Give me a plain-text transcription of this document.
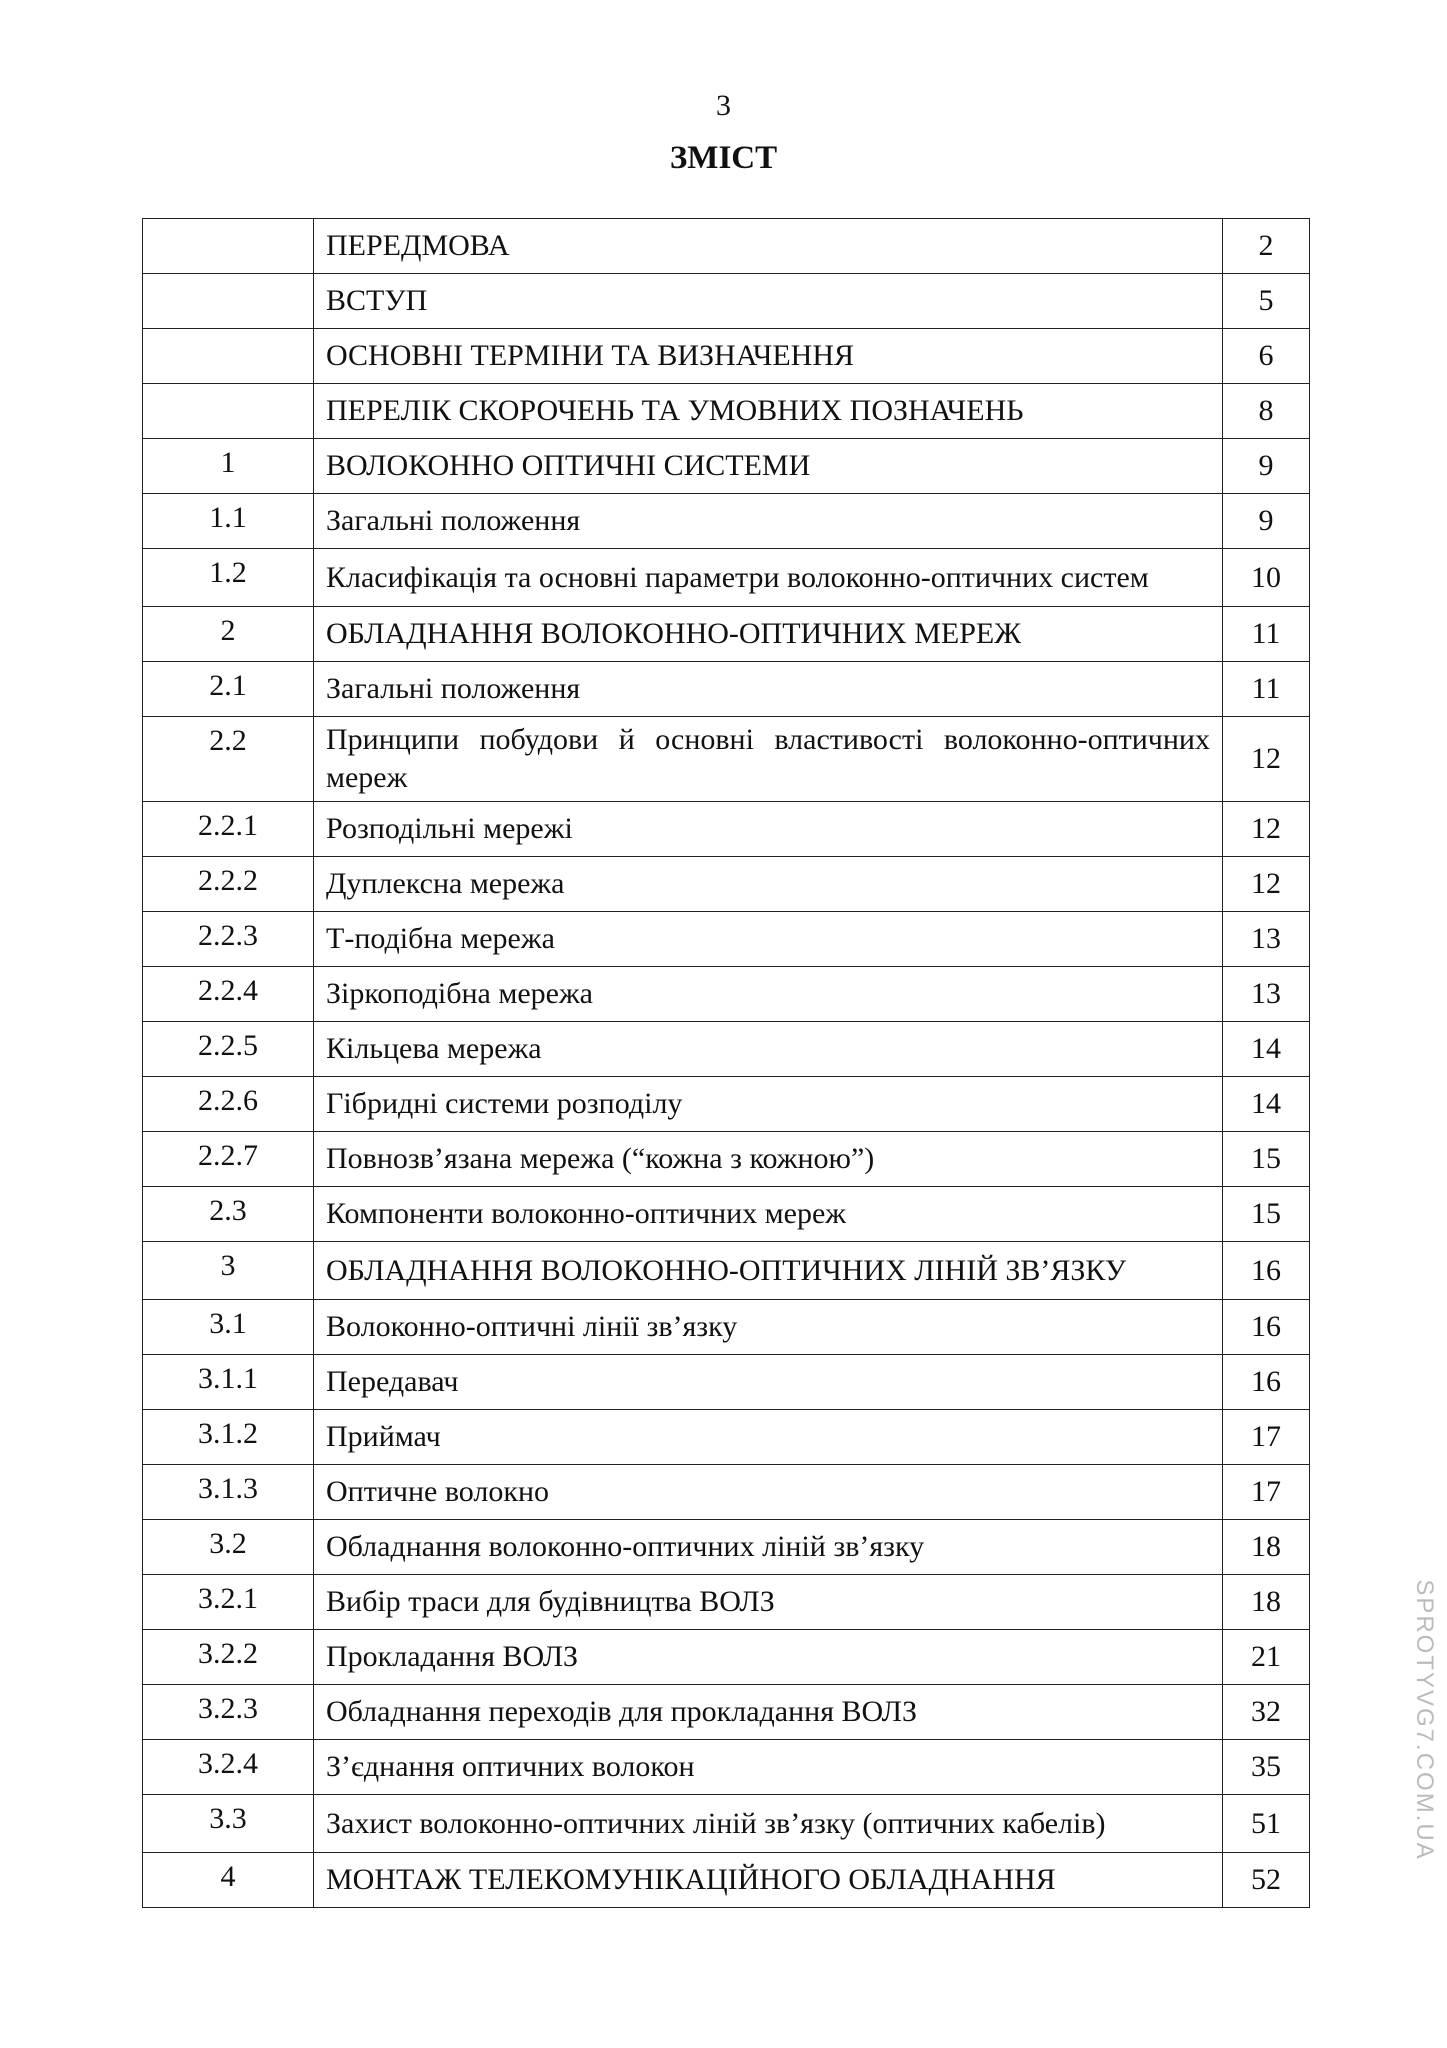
3
ЗМІСТ
	ПЕРЕДМОВА	2
	ВСТУП	5
	ОСНОВНІ ТЕРМІНИ ТА ВИЗНАЧЕННЯ	6
	ПЕРЕЛІК СКОРОЧЕНЬ ТА УМОВНИХ ПОЗНАЧЕНЬ	8
1	ВОЛОКОННО ОПТИЧНІ СИСТЕМИ	9
1.1	Загальні положення	9
1.2	Класифікація та основні параметри волоконно-оптичних систем	10
2	ОБЛАДНАННЯ ВОЛОКОННО-ОПТИЧНИХ МЕРЕЖ	11
2.1	Загальні положення	11
2.2	Принципи побудови й основні властивості волоконно-оптичних мереж	12
2.2.1	Розподільні мережі	12
2.2.2	Дуплексна мережа	12
2.2.3	Т-подібна мережа	13
2.2.4	Зіркоподібна мережа	13
2.2.5	Кільцева мережа	14
2.2.6	Гібридні системи розподілу	14
2.2.7	Повнозв’язана мережа (“кожна з кожною”)	15
2.3	Компоненти волоконно-оптичних мереж	15
3	ОБЛАДНАННЯ ВОЛОКОННО-ОПТИЧНИХ ЛІНІЙ ЗВ’ЯЗКУ	16
3.1	Волоконно-оптичні лінії зв’язку	16
3.1.1	Передавач	16
3.1.2	Приймач	17
3.1.3	Оптичне волокно	17
3.2	Обладнання волоконно-оптичних ліній зв’язку	18
3.2.1	Вибір траси для будівництва ВОЛЗ	18
3.2.2	Прокладання ВОЛЗ	21
3.2.3	Обладнання переходів для прокладання ВОЛЗ	32
3.2.4	З’єднання оптичних волокон	35
3.3	Захист волоконно-оптичних ліній зв’язку (оптичних кабелів)	51
4	МОНТАЖ ТЕЛЕКОМУНІКАЦІЙНОГО ОБЛАДНАННЯ	52
SPROTYVG7.COM.UA
